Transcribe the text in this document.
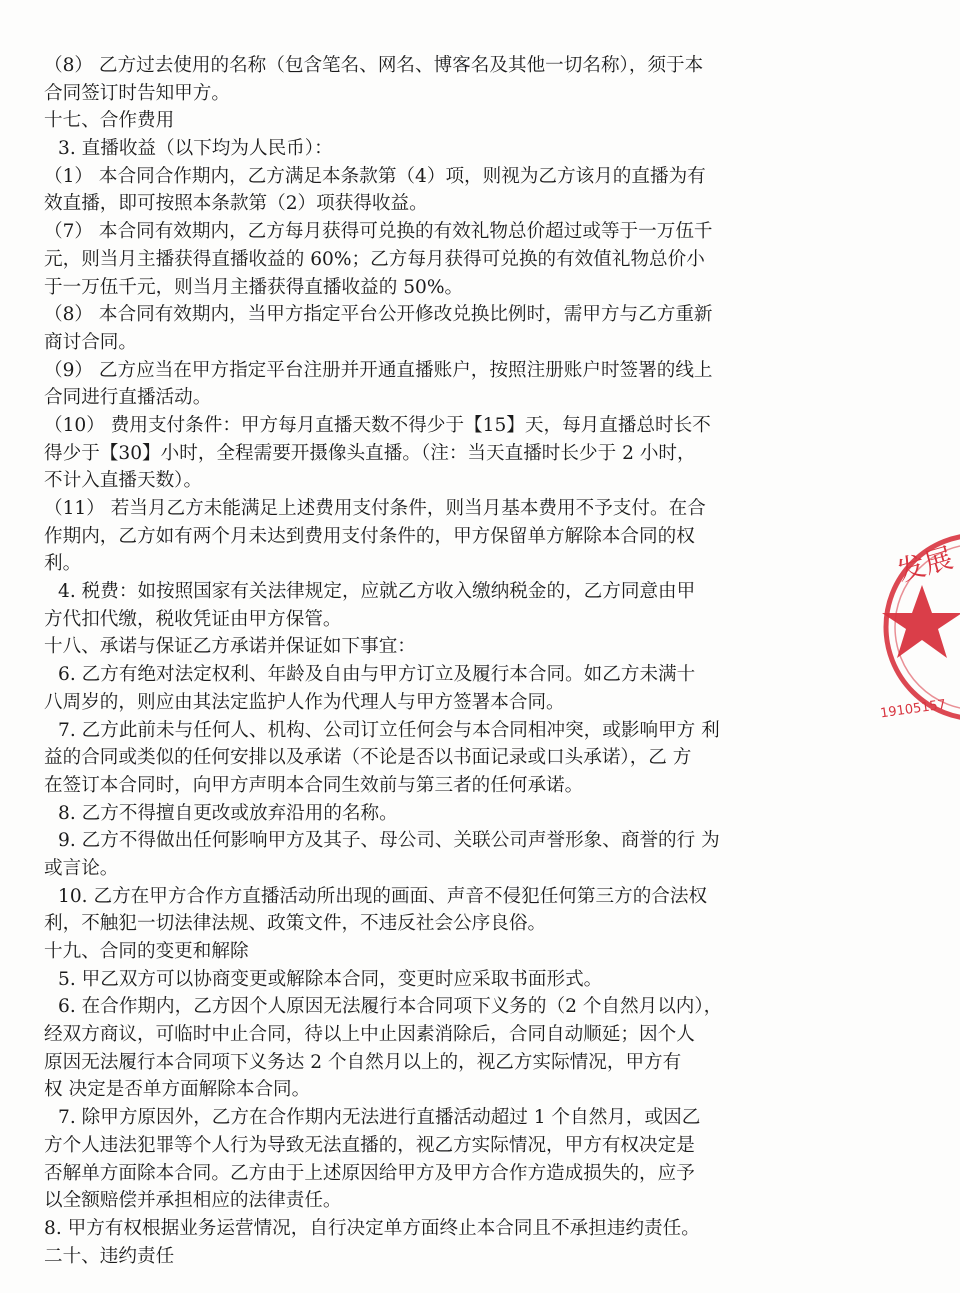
（8） 乙方过去使用的名称（包含笔名、网名、博客名及其他一切名称），须于本
合同签订时告知甲方。
十七、合作费用
3. 直播收益（以下均为人民币）：
（1） 本合同合作期内，乙方满足本条款第（4）项，则视为乙方该月的直播为有
效直播，即可按照本条款第（2）项获得收益。
（7） 本合同有效期内，乙方每月获得可兑换的有效礼物总价超过或等于一万伍千
元，则当月主播获得直播收益的 60%；乙方每月获得可兑换的有效值礼物总价小
于一万伍千元，则当月主播获得直播收益的 50%。
（8） 本合同有效期内，当甲方指定平台公开修改兑换比例时，需甲方与乙方重新
商讨合同。
（9） 乙方应当在甲方指定平台注册并开通直播账户，按照注册账户时签署的线上
合同进行直播活动。
（10） 费用支付条件：甲方每月直播天数不得少于【15】天，每月直播总时长不
得少于【30】小时，全程需要开摄像头直播。（注：当天直播时长少于 2 小时，
不计入直播天数）。
（11） 若当月乙方未能满足上述费用支付条件，则当月基本费用不予支付。在合
作期内，乙方如有两个月未达到费用支付条件的，甲方保留单方解除本合同的权
利。
4. 税费：如按照国家有关法律规定，应就乙方收入缴纳税金的，乙方同意由甲
方代扣代缴，税收凭证由甲方保管。
十八、承诺与保证乙方承诺并保证如下事宜：
6. 乙方有绝对法定权利、年龄及自由与甲方订立及履行本合同。如乙方未满十
八周岁的，则应由其法定监护人作为代理人与甲方签署本合同。
7. 乙方此前未与任何人、机构、公司订立任何会与本合同相冲突，或影响甲方 利
益的合同或类似的任何安排以及承诺（不论是否以书面记录或口头承诺），乙 方
在签订本合同时，向甲方声明本合同生效前与第三者的任何承诺。
8. 乙方不得擅自更改或放弃沿用的名称。
9. 乙方不得做出任何影响甲方及其子、母公司、关联公司声誉形象、商誉的行 为
或言论。
10. 乙方在甲方合作方直播活动所出现的画面、声音不侵犯任何第三方的合法权
利，不触犯一切法律法规、政策文件，不违反社会公序良俗。
十九、合同的变更和解除
5. 甲乙双方可以协商变更或解除本合同，变更时应采取书面形式。
6. 在合作期内，乙方因个人原因无法履行本合同项下义务的（2 个自然月以内），
经双方商议，可临时中止合同，待以上中止因素消除后，合同自动顺延；因个人
原因无法履行本合同项下义务达 2 个自然月以上的，视乙方实际情况，甲方有
权 决定是否单方面解除本合同。
7. 除甲方原因外，乙方在合作期内无法进行直播活动超过 1 个自然月，或因乙
方个人违法犯罪等个人行为导致无法直播的，视乙方实际情况，甲方有权决定是
否解单方面除本合同。乙方由于上述原因给甲方及甲方合作方造成损失的，应予
以全额赔偿并承担相应的法律责任。
8. 甲方有权根据业务运营情况，自行决定单方面终止本合同且不承担违约责任。
二十、违约责任
发展
19105157
